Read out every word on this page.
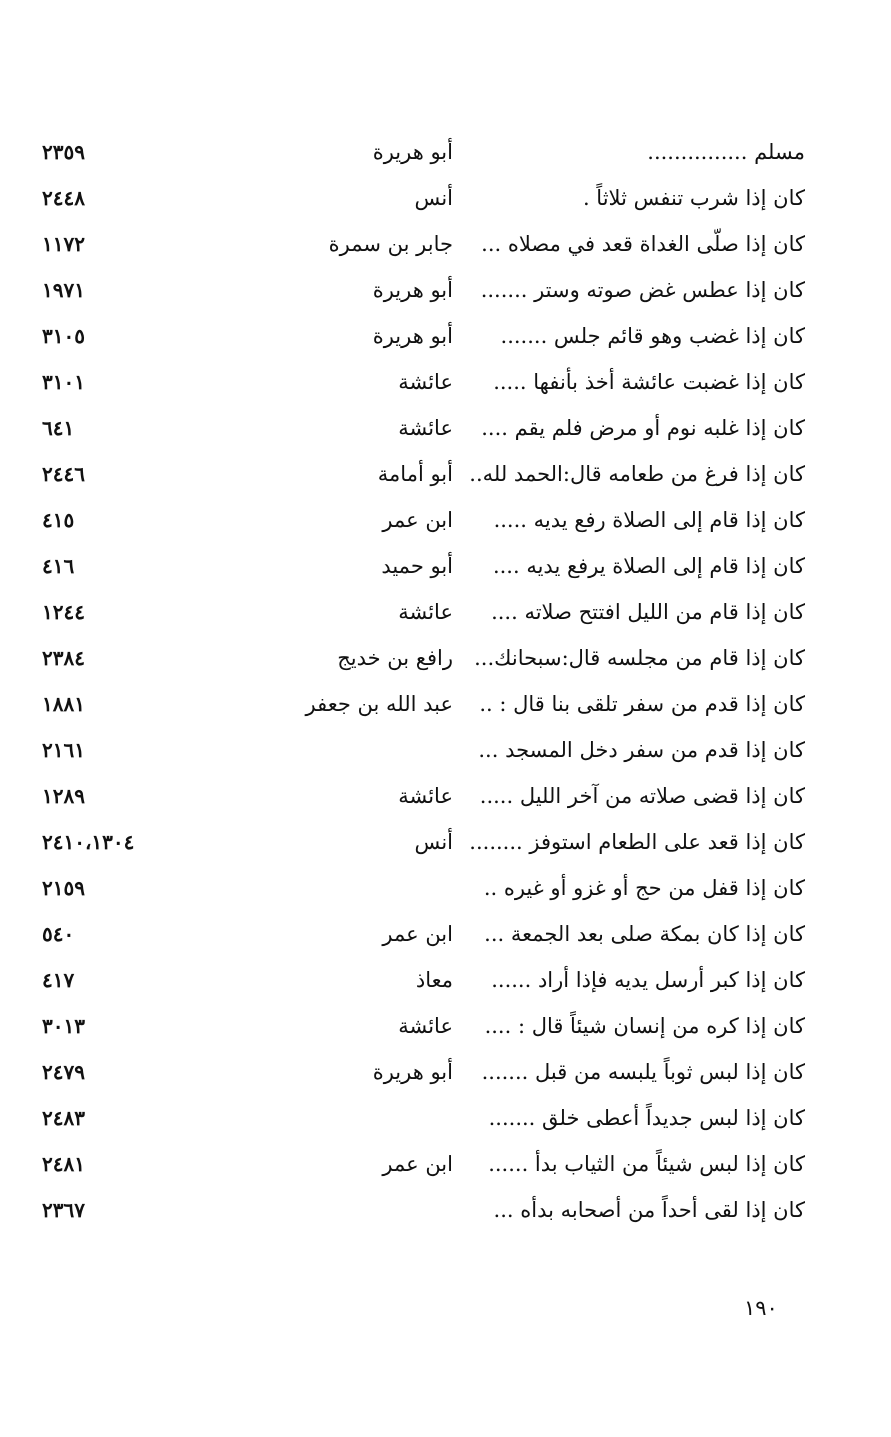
مسلم ...............
أبو هريرة
٢٣٥٩
كان إذا شرب تنفس ثلاثاً .
أنس
٢٤٤٨
كان إذا صلّى الغداة قعد في مصلاه ...
جابر بن سمرة
١١٧٢
كان إذا عطس غض صوته وستر .......
أبو هريرة
١٩٧١
كان إذا غضب وهو قائم جلس .......
أبو هريرة
٣١٠٥
كان إذا غضبت عائشة أخذ بأنفها .....
عائشة
٣١٠١
كان إذا غلبه نوم أو مرض فلم يقم ....
عائشة
٦٤١
كان إذا فرغ من طعامه قال:الحمد لله..
أبو أمامة
٢٤٤٦
كان إذا قام إلى الصلاة رفع يديه .....
ابن عمر
٤١٥
كان إذا قام إلى الصلاة يرفع يديه ....
أبو حميد
٤١٦
كان إذا قام من الليل افتتح صلاته ....
عائشة
١٢٤٤
كان إذا قام من مجلسه قال:سبحانك...
رافع بن خديج
٢٣٨٤
كان إذا قدم من سفر تلقى بنا قال : ..
عبد الله بن جعفر
١٨٨١
كان إذا قدم من سفر دخل المسجد ...
٢١٦١
كان إذا قضى صلاته من آخر الليل .....
عائشة
١٢٨٩
كان إذا قعد على الطعام استوفز ........
أنس
٢٤١٠،١٣٠٤
كان إذا قفل من حج أو غزو أو غيره ..
٢١٥٩
كان إذا كان بمكة صلى بعد الجمعة ...
ابن عمر
٥٤٠
كان إذا كبر أرسل يديه فإذا أراد ......
معاذ
٤١٧
كان إذا كره من إنسان شيئاً قال : ....
عائشة
٣٠١٣
كان إذا لبس ثوباً يلبسه من قبل .......
أبو هريرة
٢٤٧٩
كان إذا لبس جديداً أعطى خلق .......
٢٤٨٣
كان إذا لبس شيئاً من الثياب بدأ ......
ابن عمر
٢٤٨١
كان إذا لقى أحداً من أصحابه بدأه ...
٢٣٦٧
١٩٠
